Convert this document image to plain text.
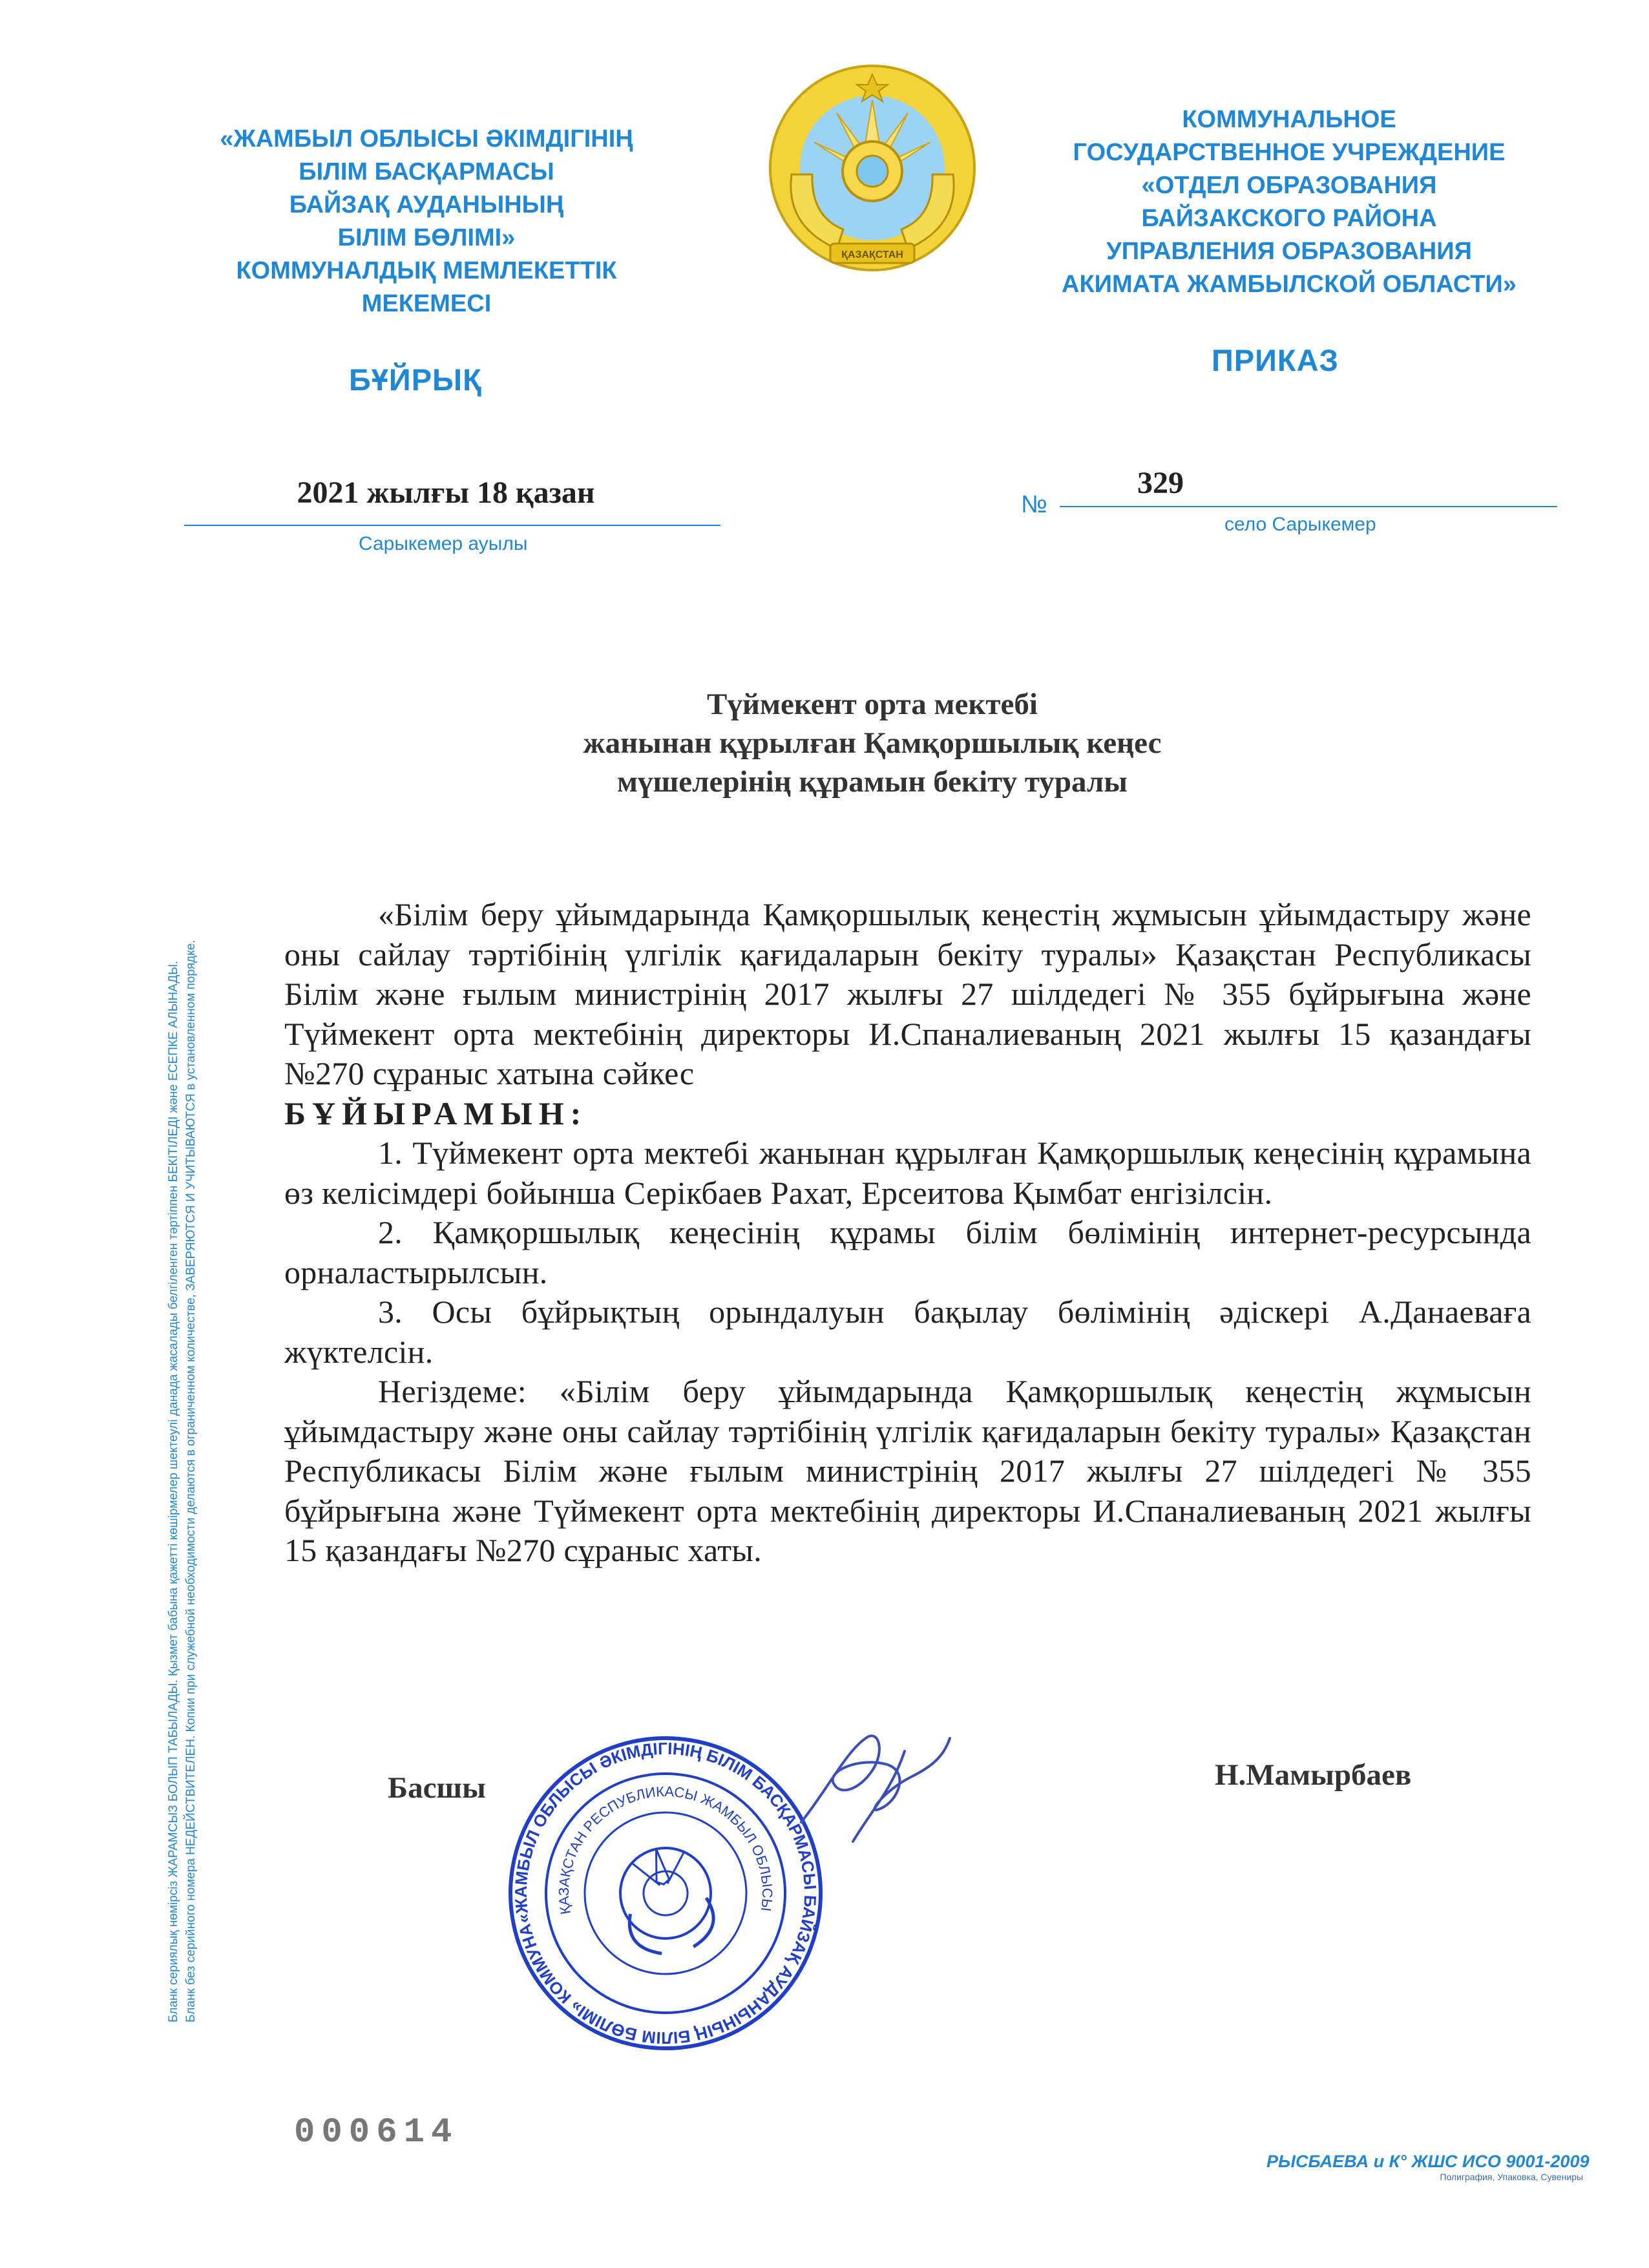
«ЖАМБЫЛ ОБЛЫСЫ ӘКІМДІГІНІҢ
БІЛІМ БАСҚАРМАСЫ
БАЙЗАҚ АУДАНЫНЫҢ
БІЛІМ БӨЛІМІ»
КОММУНАЛДЫҚ МЕМЛЕКЕТТІК
МЕКЕМЕСІ
БҰЙРЫҚ
ҚАЗАҚСТАН
КОММУНАЛЬНОЕ
ГОСУДАРСТВЕННОЕ УЧРЕЖДЕНИЕ
«ОТДЕЛ ОБРАЗОВАНИЯ
БАЙЗАКСКОГО РАЙОНА
УПРАВЛЕНИЯ ОБРАЗОВАНИЯ
АКИМАТА ЖАМБЫЛСКОЙ ОБЛАСТИ»
ПРИКАЗ
2021 жылғы 18 қазан
Сарыкемер ауылы
№
329
село Сарыкемер
Түймекент орта мектебі
жанынан құрылған Қамқоршылық кеңес
мүшелерінің құрамын бекіту туралы

«Білім беру ұйымдарында Қамқоршылық кеңестің жұмысын ұйымдастыру және оны сайлау тәртібінің үлгілік қағидаларын бекіту туралы» Қазақстан Республикасы Білім және ғылым министрінің 2017 жылғы 27 шілдедегі № 355 бұйрығына және Түймекент орта мектебінің директоры И.Спаналиеваның 2021 жылғы 15 қазандағы №270 сұраныс хатына сәйкес

БҰЙЫРАМЫН:

1. Түймекент орта мектебі жанынан құрылған Қамқоршылық кеңесінің құрамына өз келісімдері бойынша Серікбаев Рахат, Ерсеитова Қымбат енгізілсін.

2. Қамқоршылық кеңесінің құрамы білім бөлімінің интернет-ресурсында орналастырылсын.

3. Осы бұйрықтың орындалуын бақылау бөлімінің әдіскері А.Данаеваға жүктелсін.

Негіздеме: «Білім беру ұйымдарында Қамқоршылық кеңестің жұмысын ұйымдастыру және оны сайлау тәртібінің үлгілік қағидаларын бекіту туралы» Қазақстан Республикасы Білім және ғылым министрінің 2017 жылғы 27 шілдедегі № 355 бұйрығына және Түймекент орта мектебінің директоры И.Спаналиеваның 2021 жылғы 15 қазандағы №270 сұраныс хаты.

Басшы	Н.Мамырбаев
«ЖАМБЫЛ ОБЛЫСЫ ӘКІМДІГІНІҢ БІЛІМ БАСҚАРМАСЫ БАЙЗАҚ АУДАНЫНЫҢ БІЛІМ БӨЛІМІ» КОММУНАЛДЫҚ
ҚАЗАҚСТАН РЕСПУБЛИКАСЫ ЖАМБЫЛ ОБЛЫСЫ
Бланк сериялық нөмірсіз ЖАРАМСЫЗ БОЛЫП ТАБЫЛАДЫ. Қызмет бабына қажетті көшірмелер шектеулі данада жасалады белгіленген тәртіппен БЕКІТІЛЕДІ және ЕСЕПКЕ АЛЫНАДЫ. Бланк без серийного номера НЕДЕЙСТВИТЕЛЕН. Копии при служебной необходимости делаются в ограниченном количестве, ЗАВЕРЯЮТСЯ И УЧИТЫВАЮТСЯ в установленном порядке.
000614
РЫСБАЕВА и К° ЖШС ИСО 9001-2009
Полиграфия, Упаковка, Сувениры
